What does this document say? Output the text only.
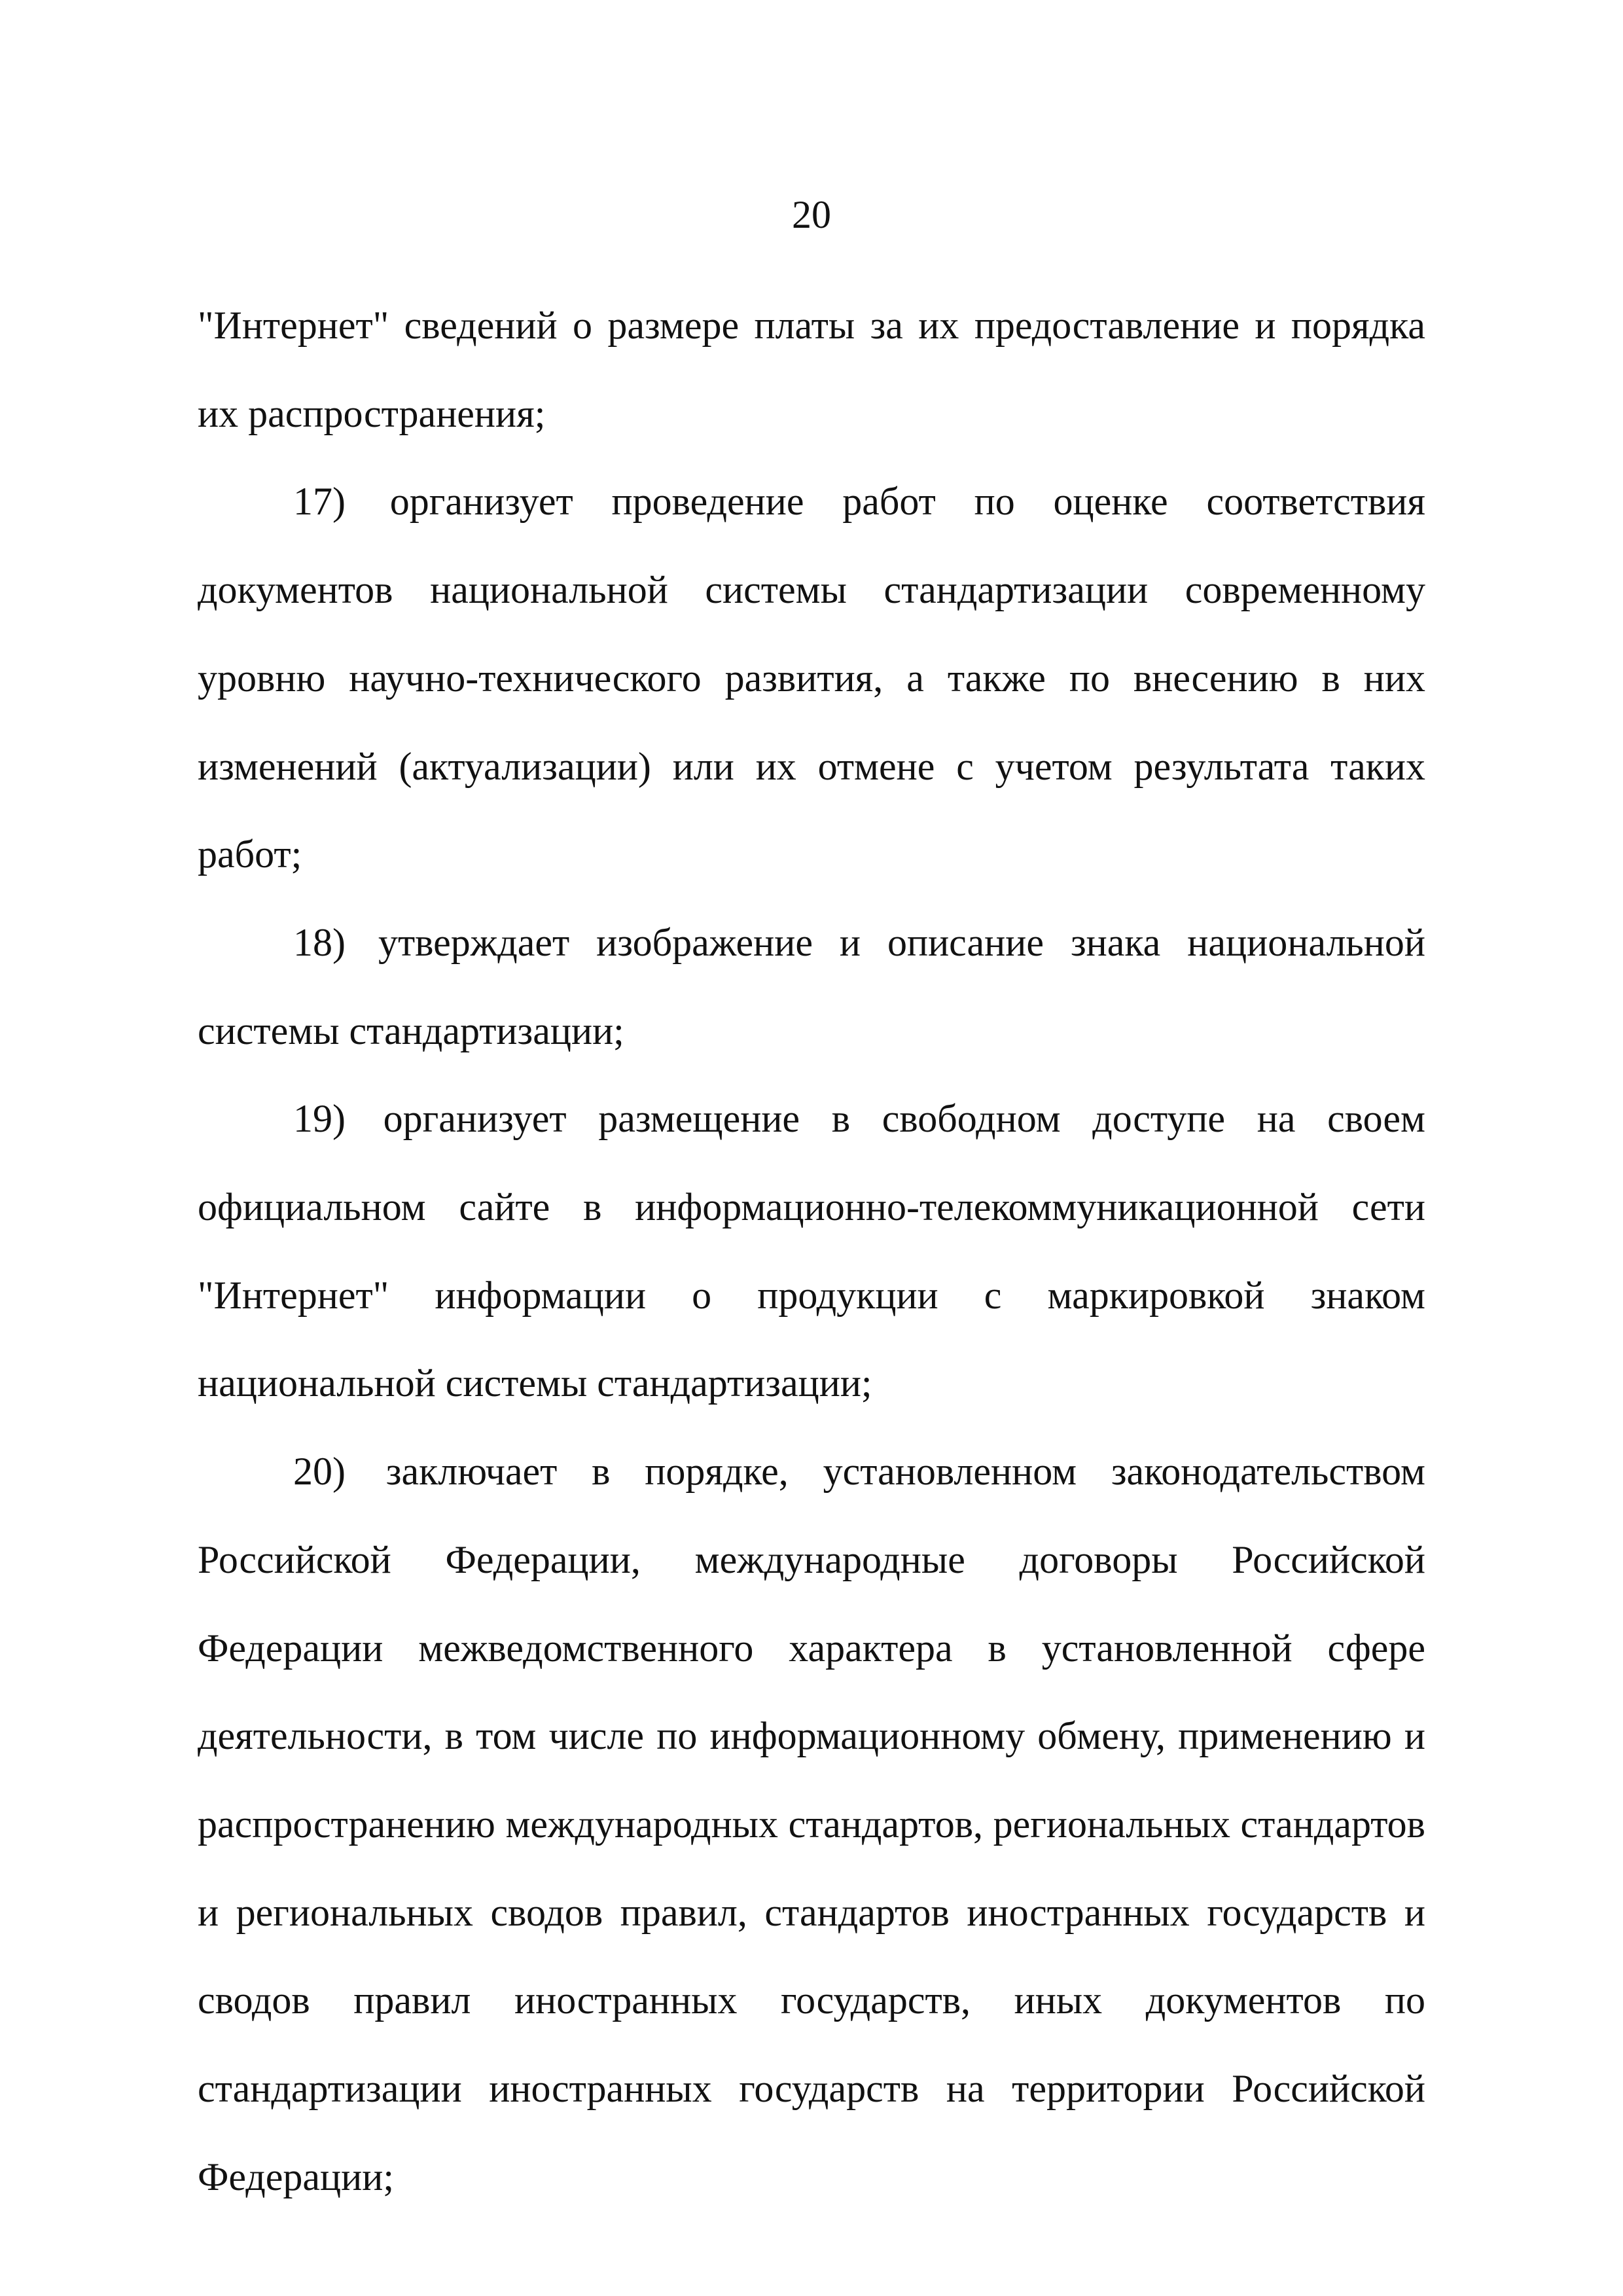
20

"Интернет" сведений о размере платы за их предоставление и порядка их распространения;

17) организует проведение работ по оценке соответствия документов национальной системы стандартизации современному уровню научно-технического развития, а также по внесению в них изменений (актуализации) или их отмене с учетом результата таких работ;

18) утверждает изображение и описание знака национальной системы стандартизации;

19) организует размещение в свободном доступе на своем официальном сайте в информационно-телекоммуникационной сети "Интернет" информации о продукции с маркировкой знаком национальной системы стандартизации;

20) заключает в порядке, установленном законодательством Российской Федерации, международные договоры Российской Федерации межведомственного характера в установленной сфере деятельности, в том числе по информационному обмену, применению и распространению международных стандартов, региональных стандартов и региональных сводов правил, стандартов иностранных государств и сводов правил иностранных государств, иных документов по стандартизации иностранных государств на территории Российской Федерации;
